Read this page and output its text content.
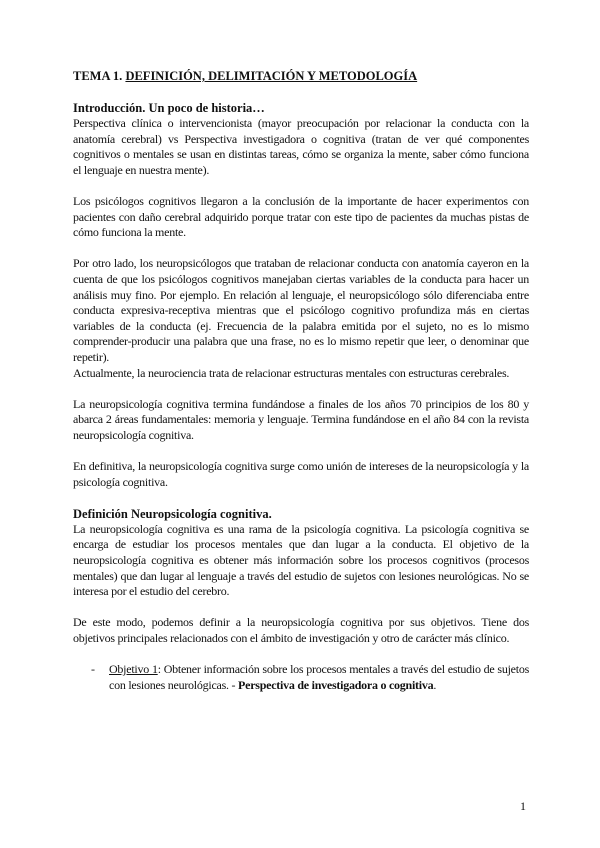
TEMA 1. DEFINICIÓN, DELIMITACIÓN Y METODOLOGÍA
Introducción. Un poco de historia…

Perspectiva clínica o intervencionista (mayor preocupación por relacionar la conducta con la anatomía cerebral) vs Perspectiva investigadora o cognitiva (tratan de ver qué componentes cognitivos o mentales se usan en distintas tareas, cómo se organiza la mente, saber cómo funciona el lenguaje en nuestra mente).

Los psicólogos cognitivos llegaron a la conclusión de la importante de hacer experimentos con pacientes con daño cerebral adquirido porque tratar con este tipo de pacientes da muchas pistas de cómo funciona la mente.

Por otro lado, los neuropsicólogos que trataban de relacionar conducta con anatomía cayeron en la cuenta de que los psicólogos cognitivos manejaban ciertas variables de la conducta para hacer un análisis muy fino. Por ejemplo. En relación al lenguaje, el neuropsicólogo sólo diferenciaba entre conducta expresiva-receptiva mientras que el psicólogo cognitivo profundiza más en ciertas variables de la conducta (ej. Frecuencia de la palabra emitida por el sujeto, no es lo mismo comprender-producir una palabra que una frase, no es lo mismo repetir que leer, o denominar que repetir).

Actualmente, la neurociencia trata de relacionar estructuras mentales con estructuras cerebrales.

La neuropsicología cognitiva termina fundándose a finales de los años 70 principios de los 80 y abarca 2 áreas fundamentales: memoria y lenguaje. Termina fundándose en el año 84 con la revista neuropsicología cognitiva.

En definitiva, la neuropsicología cognitiva surge como unión de intereses de la neuropsicología y la psicología cognitiva.

Definición Neuropsicología cognitiva.

La neuropsicología cognitiva es una rama de la psicología cognitiva. La psicología cognitiva se encarga de estudiar los procesos mentales que dan lugar a la conducta. El objetivo de la neuropsicología cognitiva es obtener más información sobre los procesos cognitivos (procesos mentales) que dan lugar al lenguaje a través del estudio de sujetos con lesiones neurológicas. No se interesa por el estudio del cerebro.

De este modo, podemos definir a la neuropsicología cognitiva por sus objetivos. Tiene dos objetivos principales relacionados con el ámbito de investigación y otro de carácter más clínico.

- Objetivo 1: Obtener información sobre los procesos mentales a través del estudio de sujetos con lesiones neurológicas. - Perspectiva de investigadora o cognitiva.
1
